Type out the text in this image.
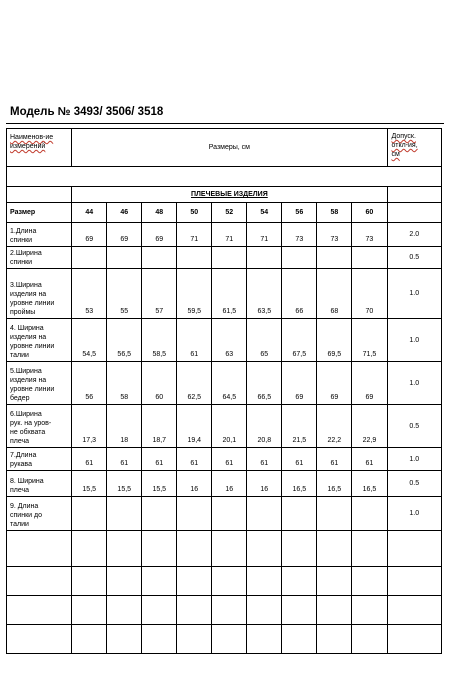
Модель № 3493/ 3506/ 3518
Наименов-ие
измерений	Размеры, см									Допуск.
откл-ия,
см

	ПЛЕЧЕВЫЕ ИЗДЕЛИЯ									
Размер	44	46	48	50	52	54	56	58	60	
1.Длина
спинки	69	69	69	71	71	71	73	73	73	2.0
2.Ширина
спинки										0.5
3.Ширина
изделия на
уровне линии
проймы	53	55	57	59,5	61,5	63,5	66	68	70	1.0
4. Ширина
изделия на
уровне линии
талии	54,5	56,5	58,5	61	63	65	67,5	69,5	71,5	1.0
5.Ширина
изделия на
уровне линии
бедер	56	58	60	62,5	64,5	66,5	69	69	69	1.0
6.Ширина
рук. на уров-
не обхвата
плеча	17,3	18	18,7	19,4	20,1	20,8	21,5	22,2	22,9	0.5
7.Длина
рукава	61	61	61	61	61	61	61	61	61	1.0
8. Ширина
плеча	15,5	15,5	15,5	16	16	16	16,5	16,5	16,5	0.5
9. Длина
спинки до
талии										1.0
